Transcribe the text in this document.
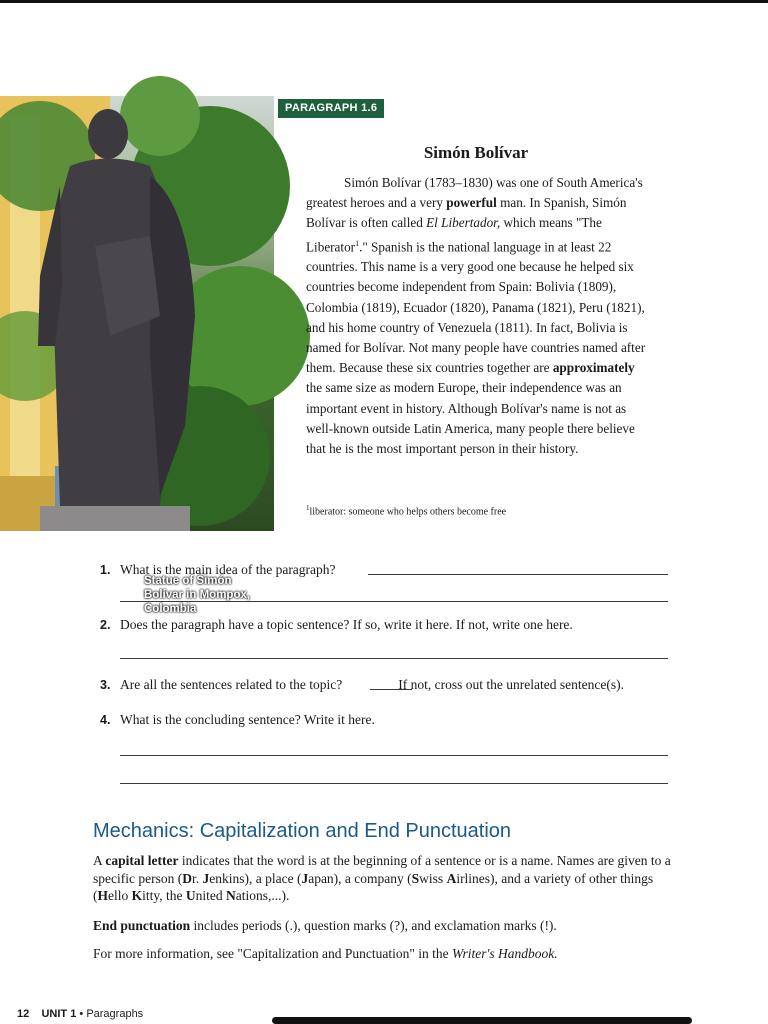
Statue of Simón
Bolívar in Mompox,
Colombia
PARAGRAPH 1.6
Simón Bolívar

Simón Bolívar (1783–1830) was one of South America's greatest heroes and a very powerful man. In Spanish, Simón Bolívar is often called El Libertador, which means "The Liberator$^1$." Spanish is the national language in at least 22 countries. This name is a very good one because he helped six countries become independent from Spain: Bolivia (1809), Colombia (1819), Ecuador (1820), Panama (1821), Peru (1821), and his home country of Venezuela (1811). In fact, Bolivia is named for Bolívar. Not many people have countries named after them. Because these six countries together are approximately the same size as modern Europe, their independence was an important event in history. Although Bolívar's name is not as well-known outside Latin America, many people there believe that he is the most important person in their history.

$^1$liberator: someone who helps others become free
1. What is the main idea of the paragraph?
2. Does the paragraph have a topic sentence? If so, write it here. If not, write one here.
3. Are all the sentences related to the topic?	If not, cross out the unrelated sentence(s).
4. What is the concluding sentence? Write it here.
Mechanics: Capitalization and End Punctuation
A capital letter indicates that the word is at the beginning of a sentence or is a name. Names are given to a specific person (Dr. Jenkins), a place (Japan), a company (Swiss Airlines), and a variety of other things (Hello Kitty, the United Nations,...).
End punctuation includes periods (.), question marks (?), and exclamation marks (!).
For more information, see "Capitalization and Punctuation" in the Writer's Handbook.
12 UNIT 1 • Paragraphs
